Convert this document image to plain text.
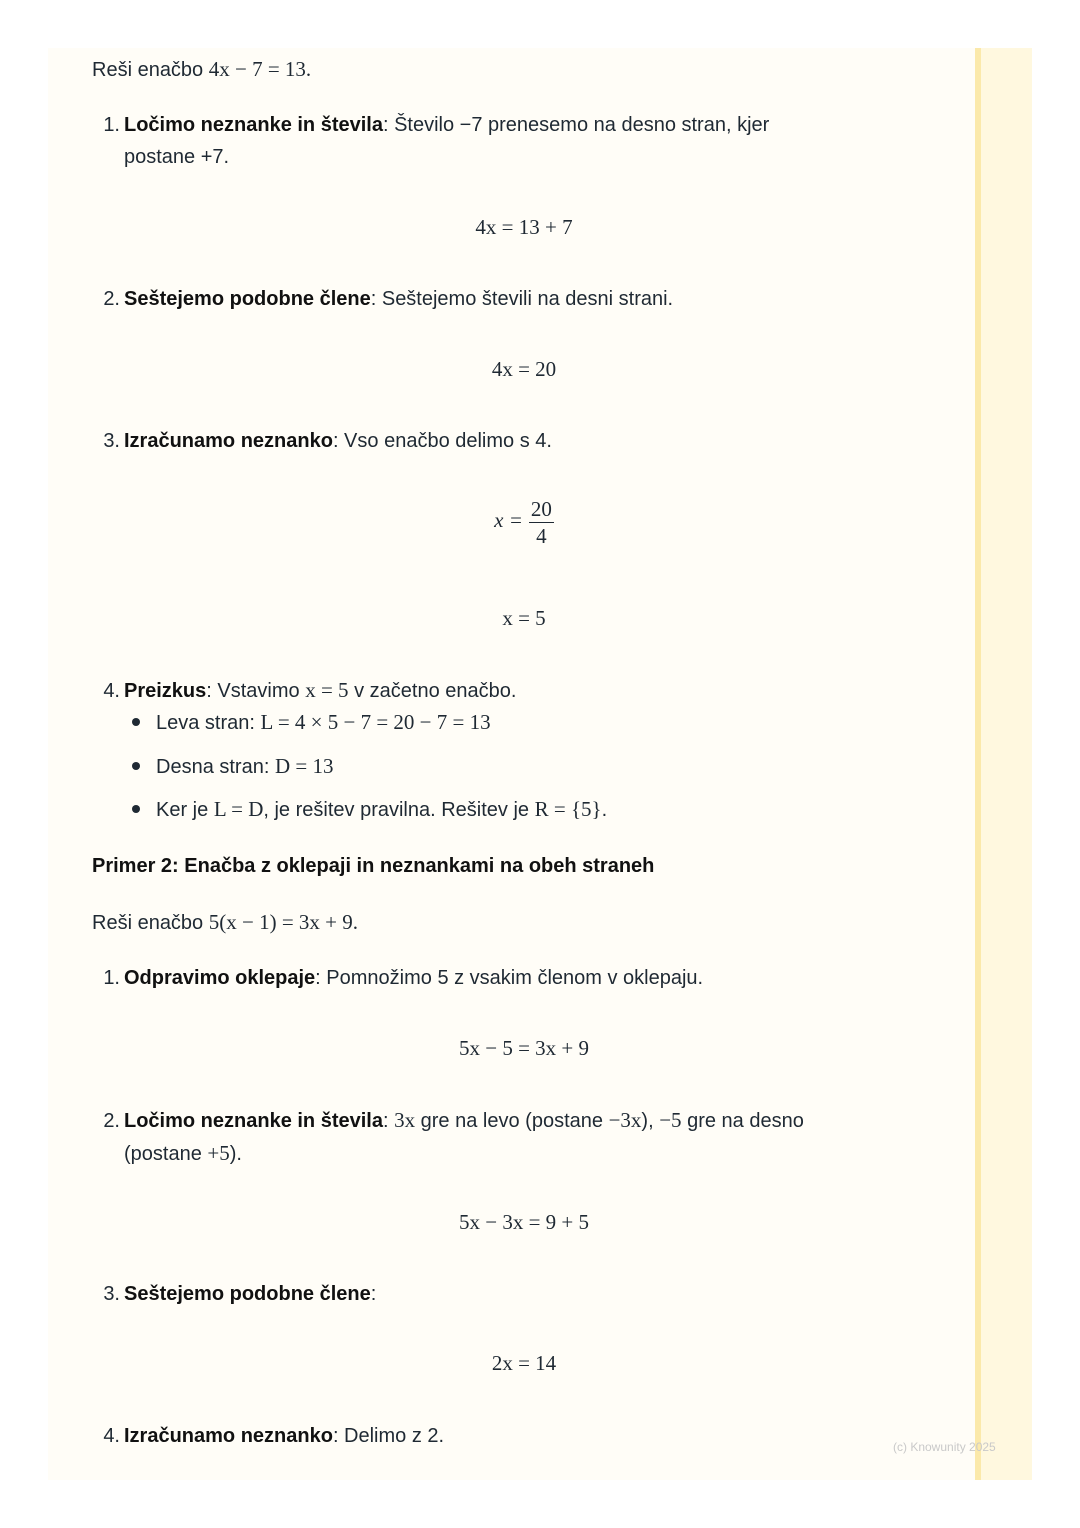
Reši enačbo 4x − 7 = 13.
1. Ločimo neznanke in števila: Število −7 prenesemo na desno stran, kjer
postane +7.
4x = 13 + 7
2. Seštejemo podobne člene: Seštejemo števili na desni strani.
4x = 20
3. Izračunamo neznanko: Vso enačbo delimo s 4.
$x = \frac{20}{4}$
x = 5
4. Preizkus: Vstavimo x = 5 v začetno enačbo.
Leva stran: L = 4 × 5 − 7 = 20 − 7 = 13
Desna stran: D = 13
Ker je L = D, je rešitev pravilna. Rešitev je R = {5}.
Primer 2: Enačba z oklepaji in neznankami na obeh straneh
Reši enačbo 5(x − 1) = 3x + 9.
1. Odpravimo oklepaje: Pomnožimo 5 z vsakim členom v oklepaju.
5x − 5 = 3x + 9
2. Ločimo neznanke in števila: 3x gre na levo (postane −3x), −5 gre na desno
(postane +5).
5x − 3x = 9 + 5
3. Seštejemo podobne člene:
2x = 14
4. Izračunamo neznanko: Delimo z 2.	(c) Knowunity 2025
